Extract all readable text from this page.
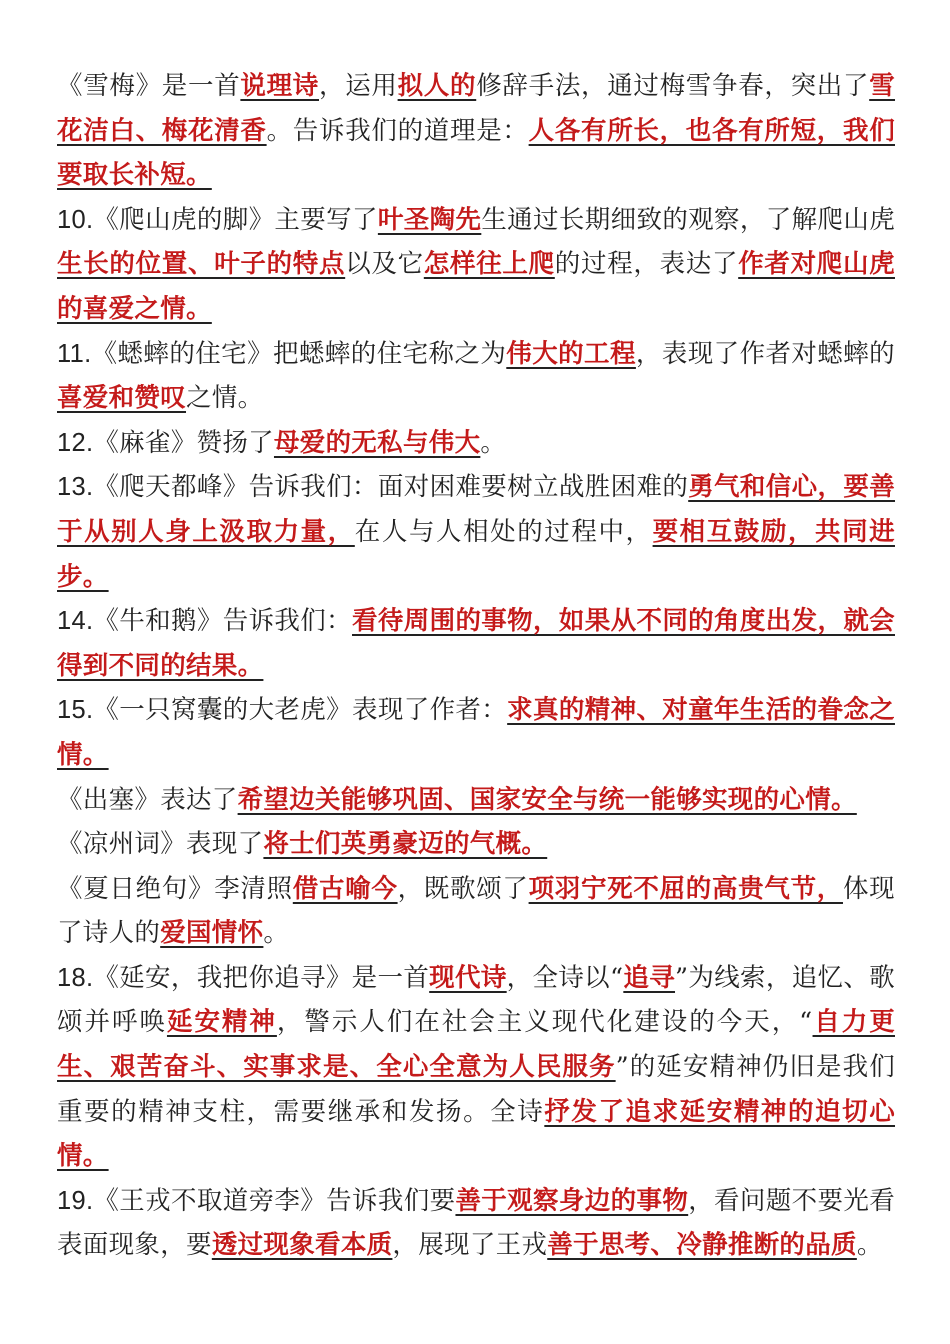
《雪梅》是一首说理诗，运用拟人的修辞手法，通过梅雪争春，突出了雪花洁白、梅花清香。告诉我们的道理是：人各有所长，也各有所短，我们要取长补短。

10.《爬山虎的脚》主要写了叶圣陶先生通过长期细致的观察，了解爬山虎生长的位置、叶子的特点以及它怎样往上爬的过程，表达了作者对爬山虎的喜爱之情。

11.《蟋蟀的住宅》把蟋蟀的住宅称之为伟大的工程，表现了作者对蟋蟀的喜爱和赞叹之情。

12.《麻雀》赞扬了母爱的无私与伟大。

13.《爬天都峰》告诉我们：面对困难要树立战胜困难的勇气和信心，要善于从别人身上汲取力量，在人与人相处的过程中，要相互鼓励，共同进步。

14.《牛和鹅》告诉我们：看待周围的事物，如果从不同的角度出发，就会得到不同的结果。

15.《一只窝囊的大老虎》表现了作者：求真的精神、对童年生活的眷念之情。

《出塞》表达了希望边关能够巩固、国家安全与统一能够实现的心情。

《凉州词》表现了将士们英勇豪迈的气概。

《夏日绝句》李清照借古喻今，既歌颂了项羽宁死不屈的高贵气节，体现了诗人的爱国情怀。

18.《延安，我把你追寻》是一首现代诗，全诗以“追寻”为线索，追忆、歌颂并呼唤延安精神，警示人们在社会主义现代化建设的今天，“自力更生、艰苦奋斗、实事求是、全心全意为人民服务”的延安精神仍旧是我们重要的精神支柱，需要继承和发扬。全诗抒发了追求延安精神的迫切心情。

19.《王戎不取道旁李》告诉我们要善于观察身边的事物，看问题不要光看表面现象，要透过现象看本质，展现了王戎善于思考、冷静推断的品质。
